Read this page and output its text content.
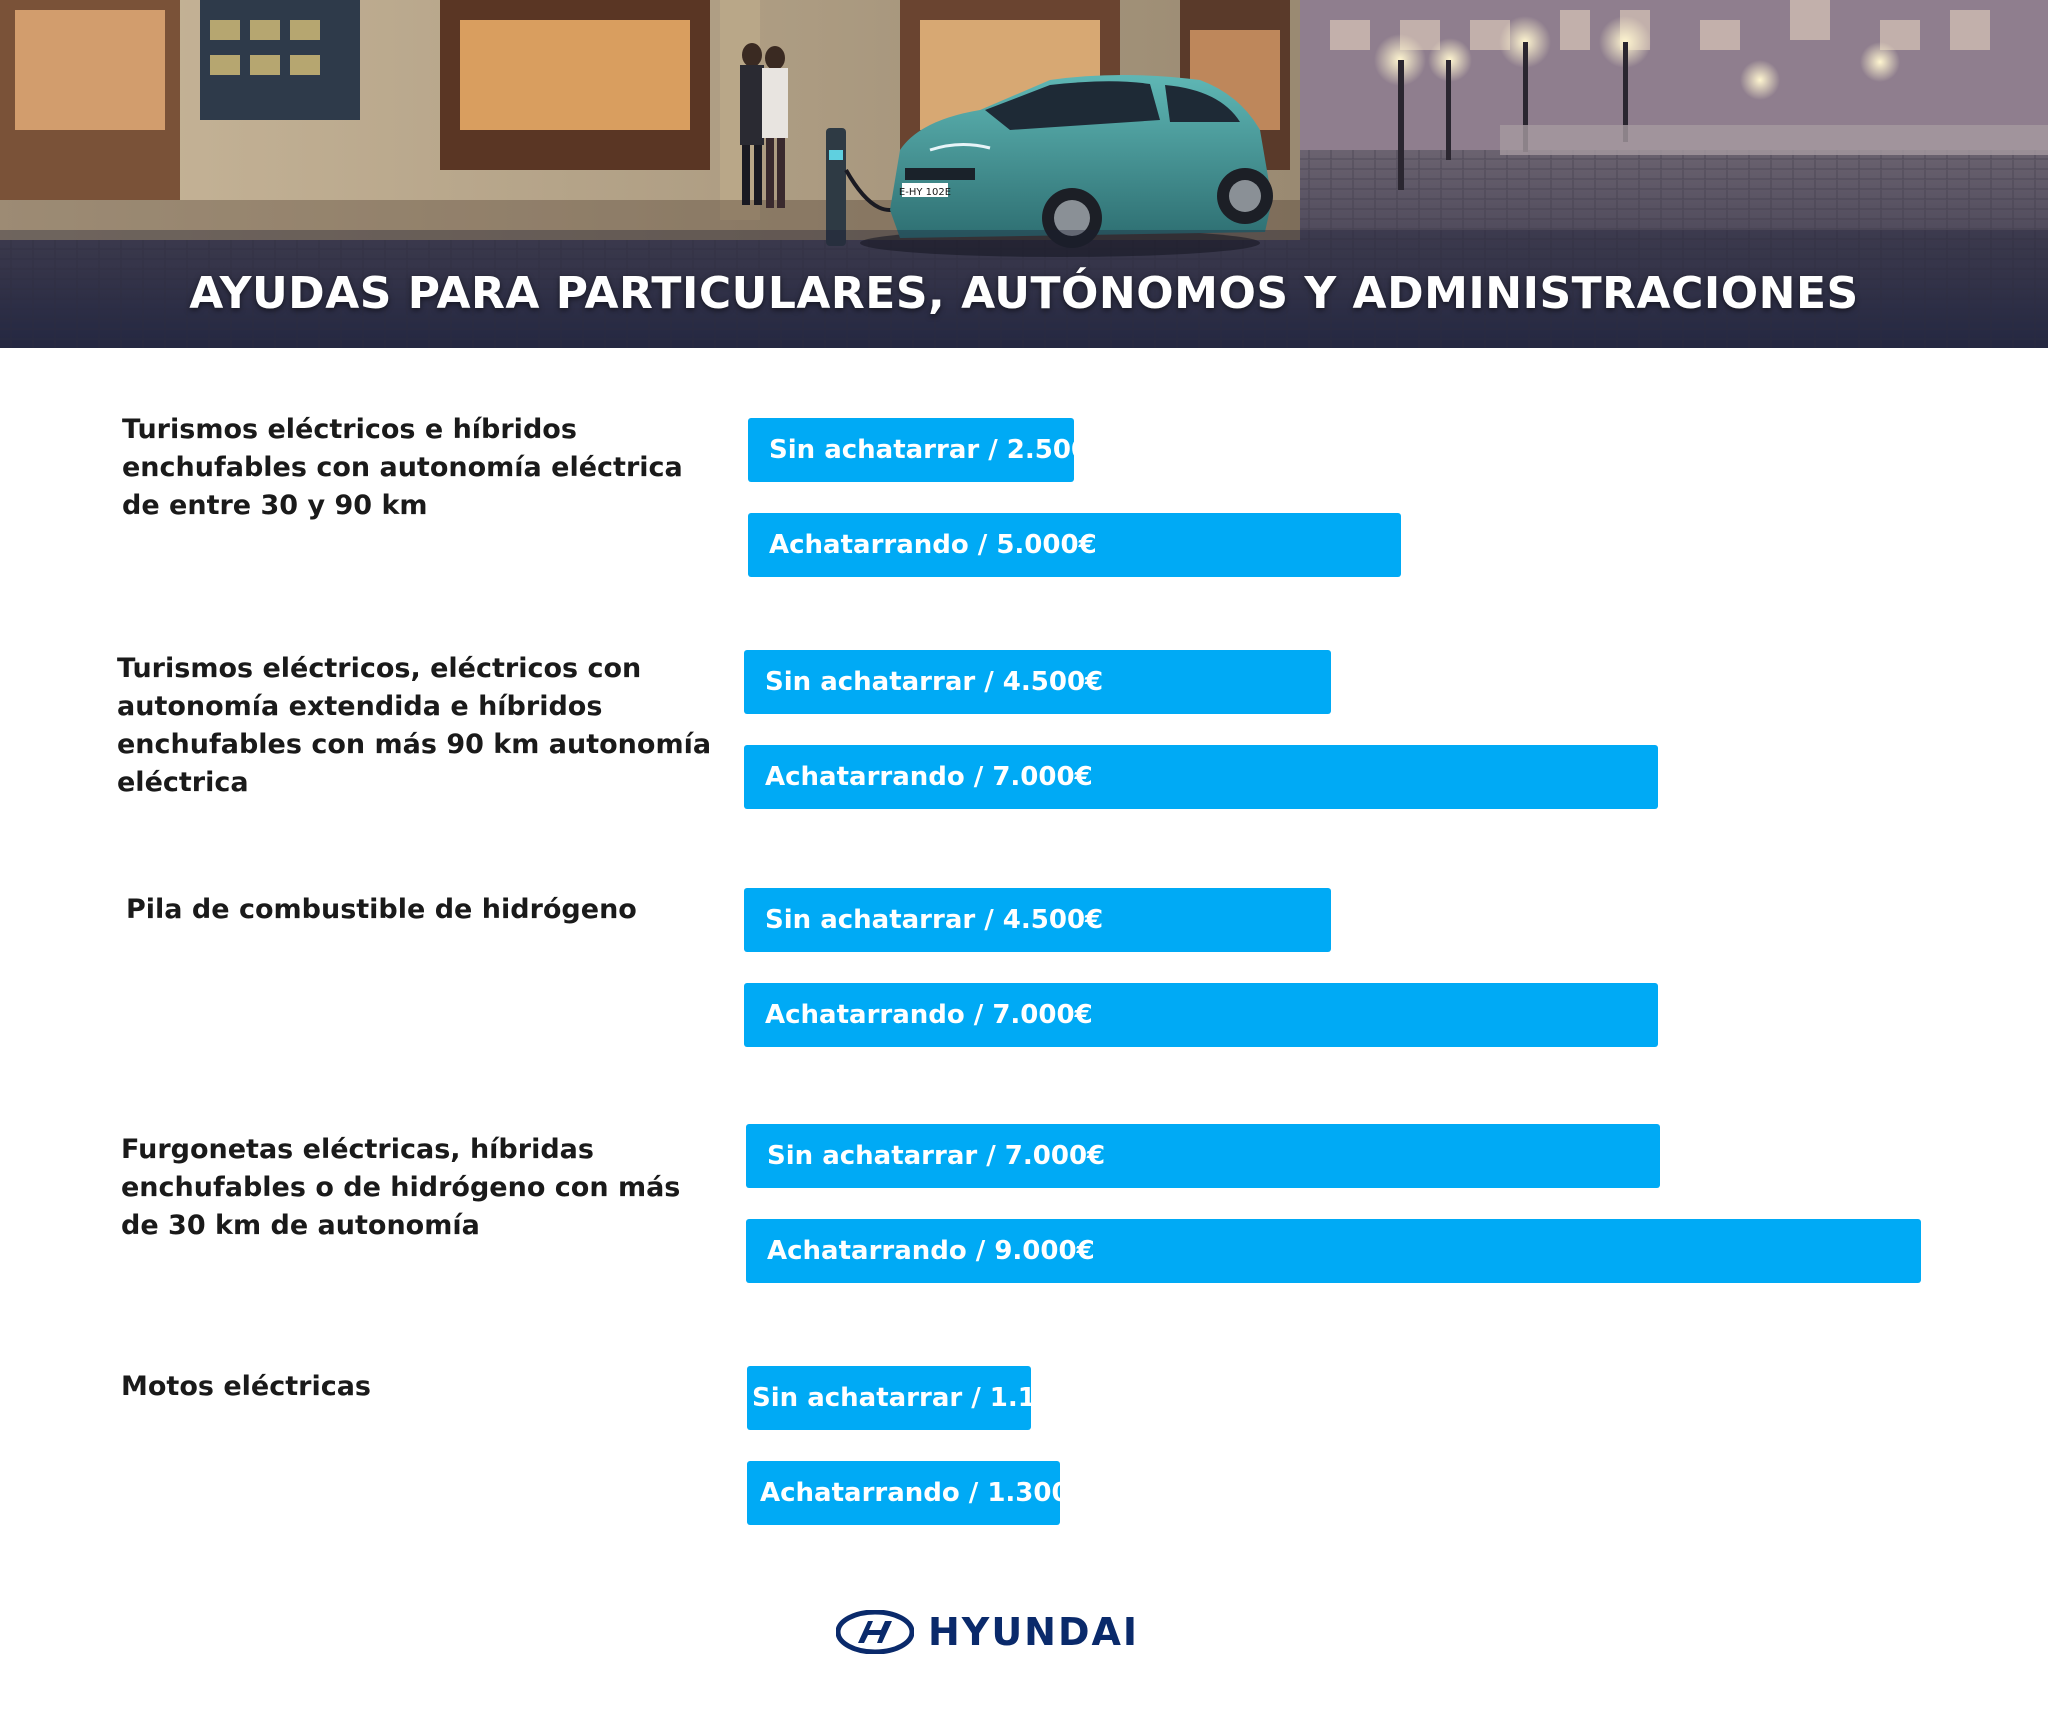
E-HY 102E
AYUDAS PARA PARTICULARES, AUTÓNOMOS Y ADMINISTRACIONES
Turismos eléctricos e híbridos enchufables con autonomía eléctrica de entre 30 y 90 km
Turismos eléctricos, eléctricos con autonomía extendida e híbridos enchufables con más 90 km autonomía eléctrica
Pila de combustible de hidrógeno
Furgonetas eléctricas, híbridas enchufables o de hidrógeno con más de 30 km de autonomía
Motos eléctricas
Sin achatarrar / 2.500€
Achatarrando / 5.000€
Sin achatarrar / 4.500€
Achatarrando / 7.000€
Sin achatarrar / 4.500€
Achatarrando / 7.000€
Sin achatarrar / 7.000€
Achatarrando / 9.000€
Sin achatarrar / 1.100€
Achatarrando / 1.300€
HYUNDAI
